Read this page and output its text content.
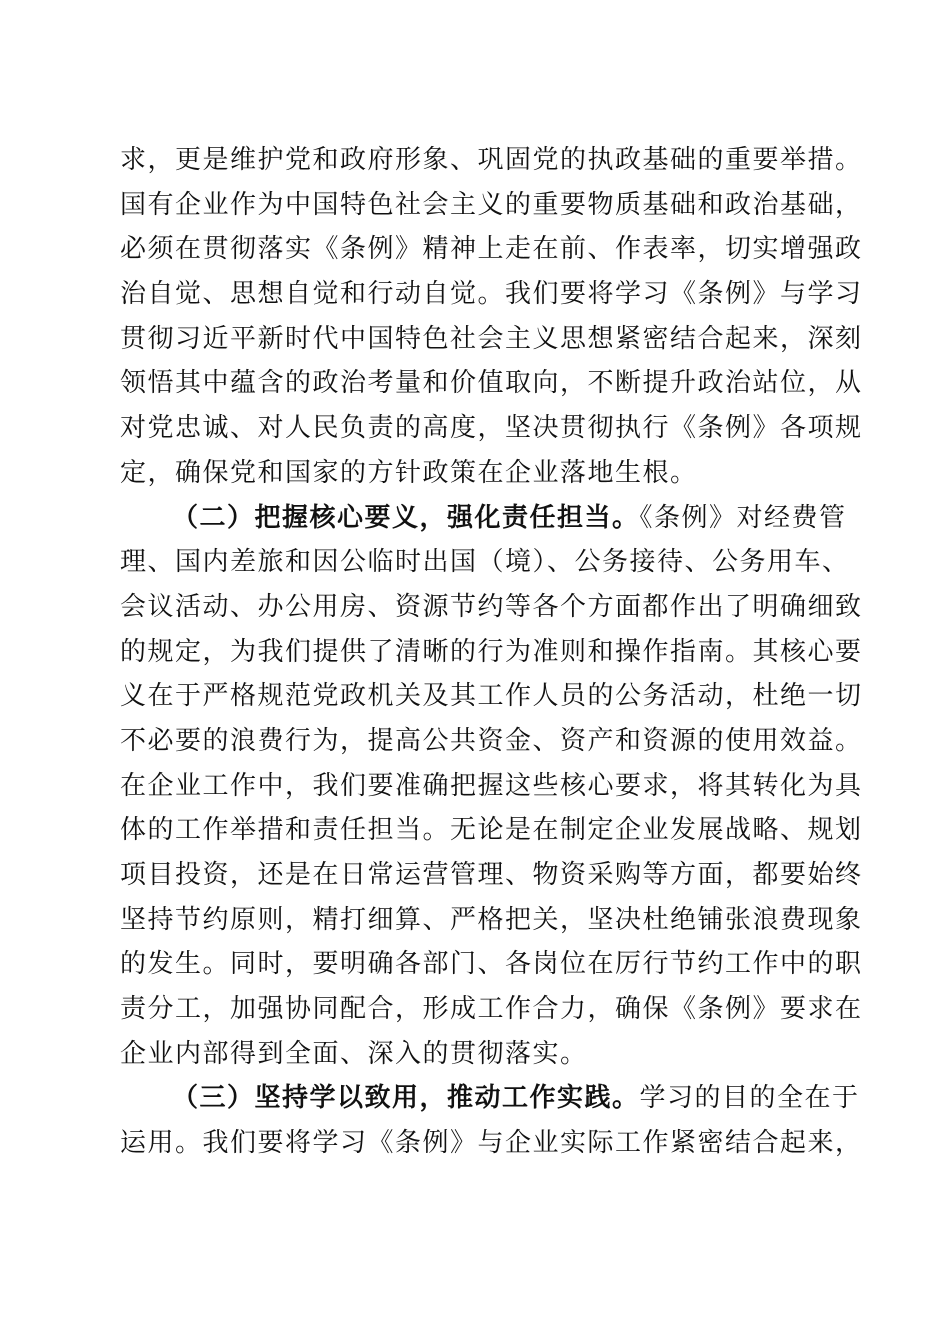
求，更是维护党和政府形象、巩固党的执政基础的重要举措。
国有企业作为中国特色社会主义的重要物质基础和政治基础，
必须在贯彻落实《条例》精神上走在前、作表率，切实增强政
治自觉、思想自觉和行动自觉。我们要将学习《条例》与学习
贯彻习近平新时代中国特色社会主义思想紧密结合起来，深刻
领悟其中蕴含的政治考量和价值取向，不断提升政治站位，从
对党忠诚、对人民负责的高度，坚决贯彻执行《条例》各项规
定，确保党和国家的方针政策在企业落地生根。
（二）把握核心要义，强化责任担当。《条例》对经费管
理、国内差旅和因公临时出国（境）、公务接待、公务用车、
会议活动、办公用房、资源节约等各个方面都作出了明确细致
的规定，为我们提供了清晰的行为准则和操作指南。其核心要
义在于严格规范党政机关及其工作人员的公务活动，杜绝一切
不必要的浪费行为，提高公共资金、资产和资源的使用效益。
在企业工作中，我们要准确把握这些核心要求，将其转化为具
体的工作举措和责任担当。无论是在制定企业发展战略、规划
项目投资，还是在日常运营管理、物资采购等方面，都要始终
坚持节约原则，精打细算、严格把关，坚决杜绝铺张浪费现象
的发生。同时，要明确各部门、各岗位在厉行节约工作中的职
责分工，加强协同配合，形成工作合力，确保《条例》要求在
企业内部得到全面、深入的贯彻落实。
（三）坚持学以致用，推动工作实践。学习的目的全在于
运用。我们要将学习《条例》与企业实际工作紧密结合起来，
